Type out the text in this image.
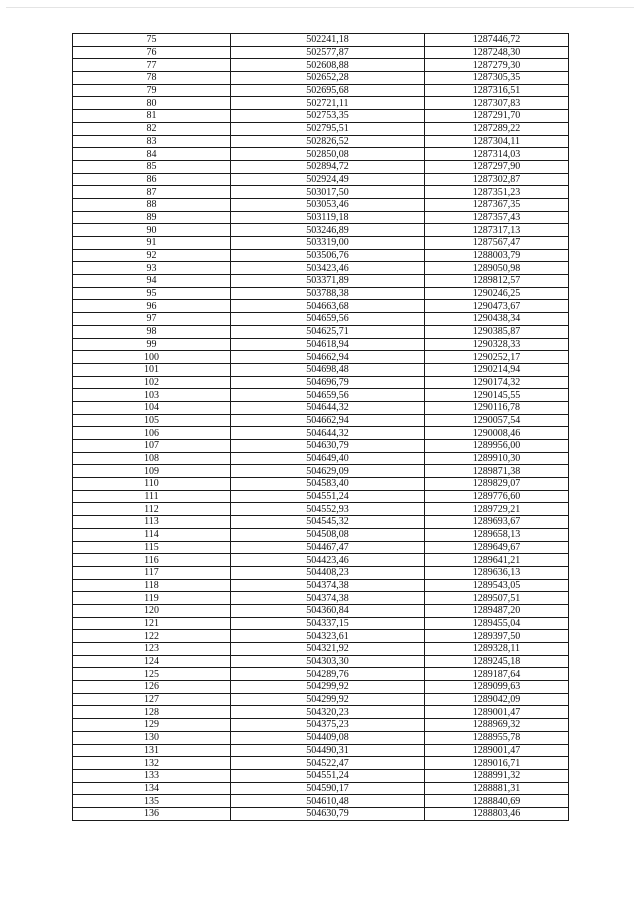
75	502241,18	1287446,72
76	502577,87	1287248,30
77	502608,88	1287279,30
78	502652,28	1287305,35
79	502695,68	1287316,51
80	502721,11	1287307,83
81	502753,35	1287291,70
82	502795,51	1287289,22
83	502826,52	1287304,11
84	502850,08	1287314,03
85	502894,72	1287297,90
86	502924,49	1287302,87
87	503017,50	1287351,23
88	503053,46	1287367,35
89	503119,18	1287357,43
90	503246,89	1287317,13
91	503319,00	1287567,47
92	503506,76	1288003,79
93	503423,46	1289050,98
94	503371,89	1289812,57
95	503788,38	1290246,25
96	504663,68	1290473,67
97	504659,56	1290438,34
98	504625,71	1290385,87
99	504618,94	1290328,33
100	504662,94	1290252,17
101	504698,48	1290214,94
102	504696,79	1290174,32
103	504659,56	1290145,55
104	504644,32	1290116,78
105	504662,94	1290057,54
106	504644,32	1290008,46
107	504630,79	1289956,00
108	504649,40	1289910,30
109	504629,09	1289871,38
110	504583,40	1289829,07
111	504551,24	1289776,60
112	504552,93	1289729,21
113	504545,32	1289693,67
114	504508,08	1289658,13
115	504467,47	1289649,67
116	504423,46	1289641,21
117	504408,23	1289636,13
118	504374,38	1289543,05
119	504374,38	1289507,51
120	504360,84	1289487,20
121	504337,15	1289455,04
122	504323,61	1289397,50
123	504321,92	1289328,11
124	504303,30	1289245,18
125	504289,76	1289187,64
126	504299,92	1289099,63
127	504299,92	1289042,09
128	504320,23	1289001,47
129	504375,23	1288969,32
130	504409,08	1288955,78
131	504490,31	1289001,47
132	504522,47	1289016,71
133	504551,24	1288991,32
134	504590,17	1288881,31
135	504610,48	1288840,69
136	504630,79	1288803,46
